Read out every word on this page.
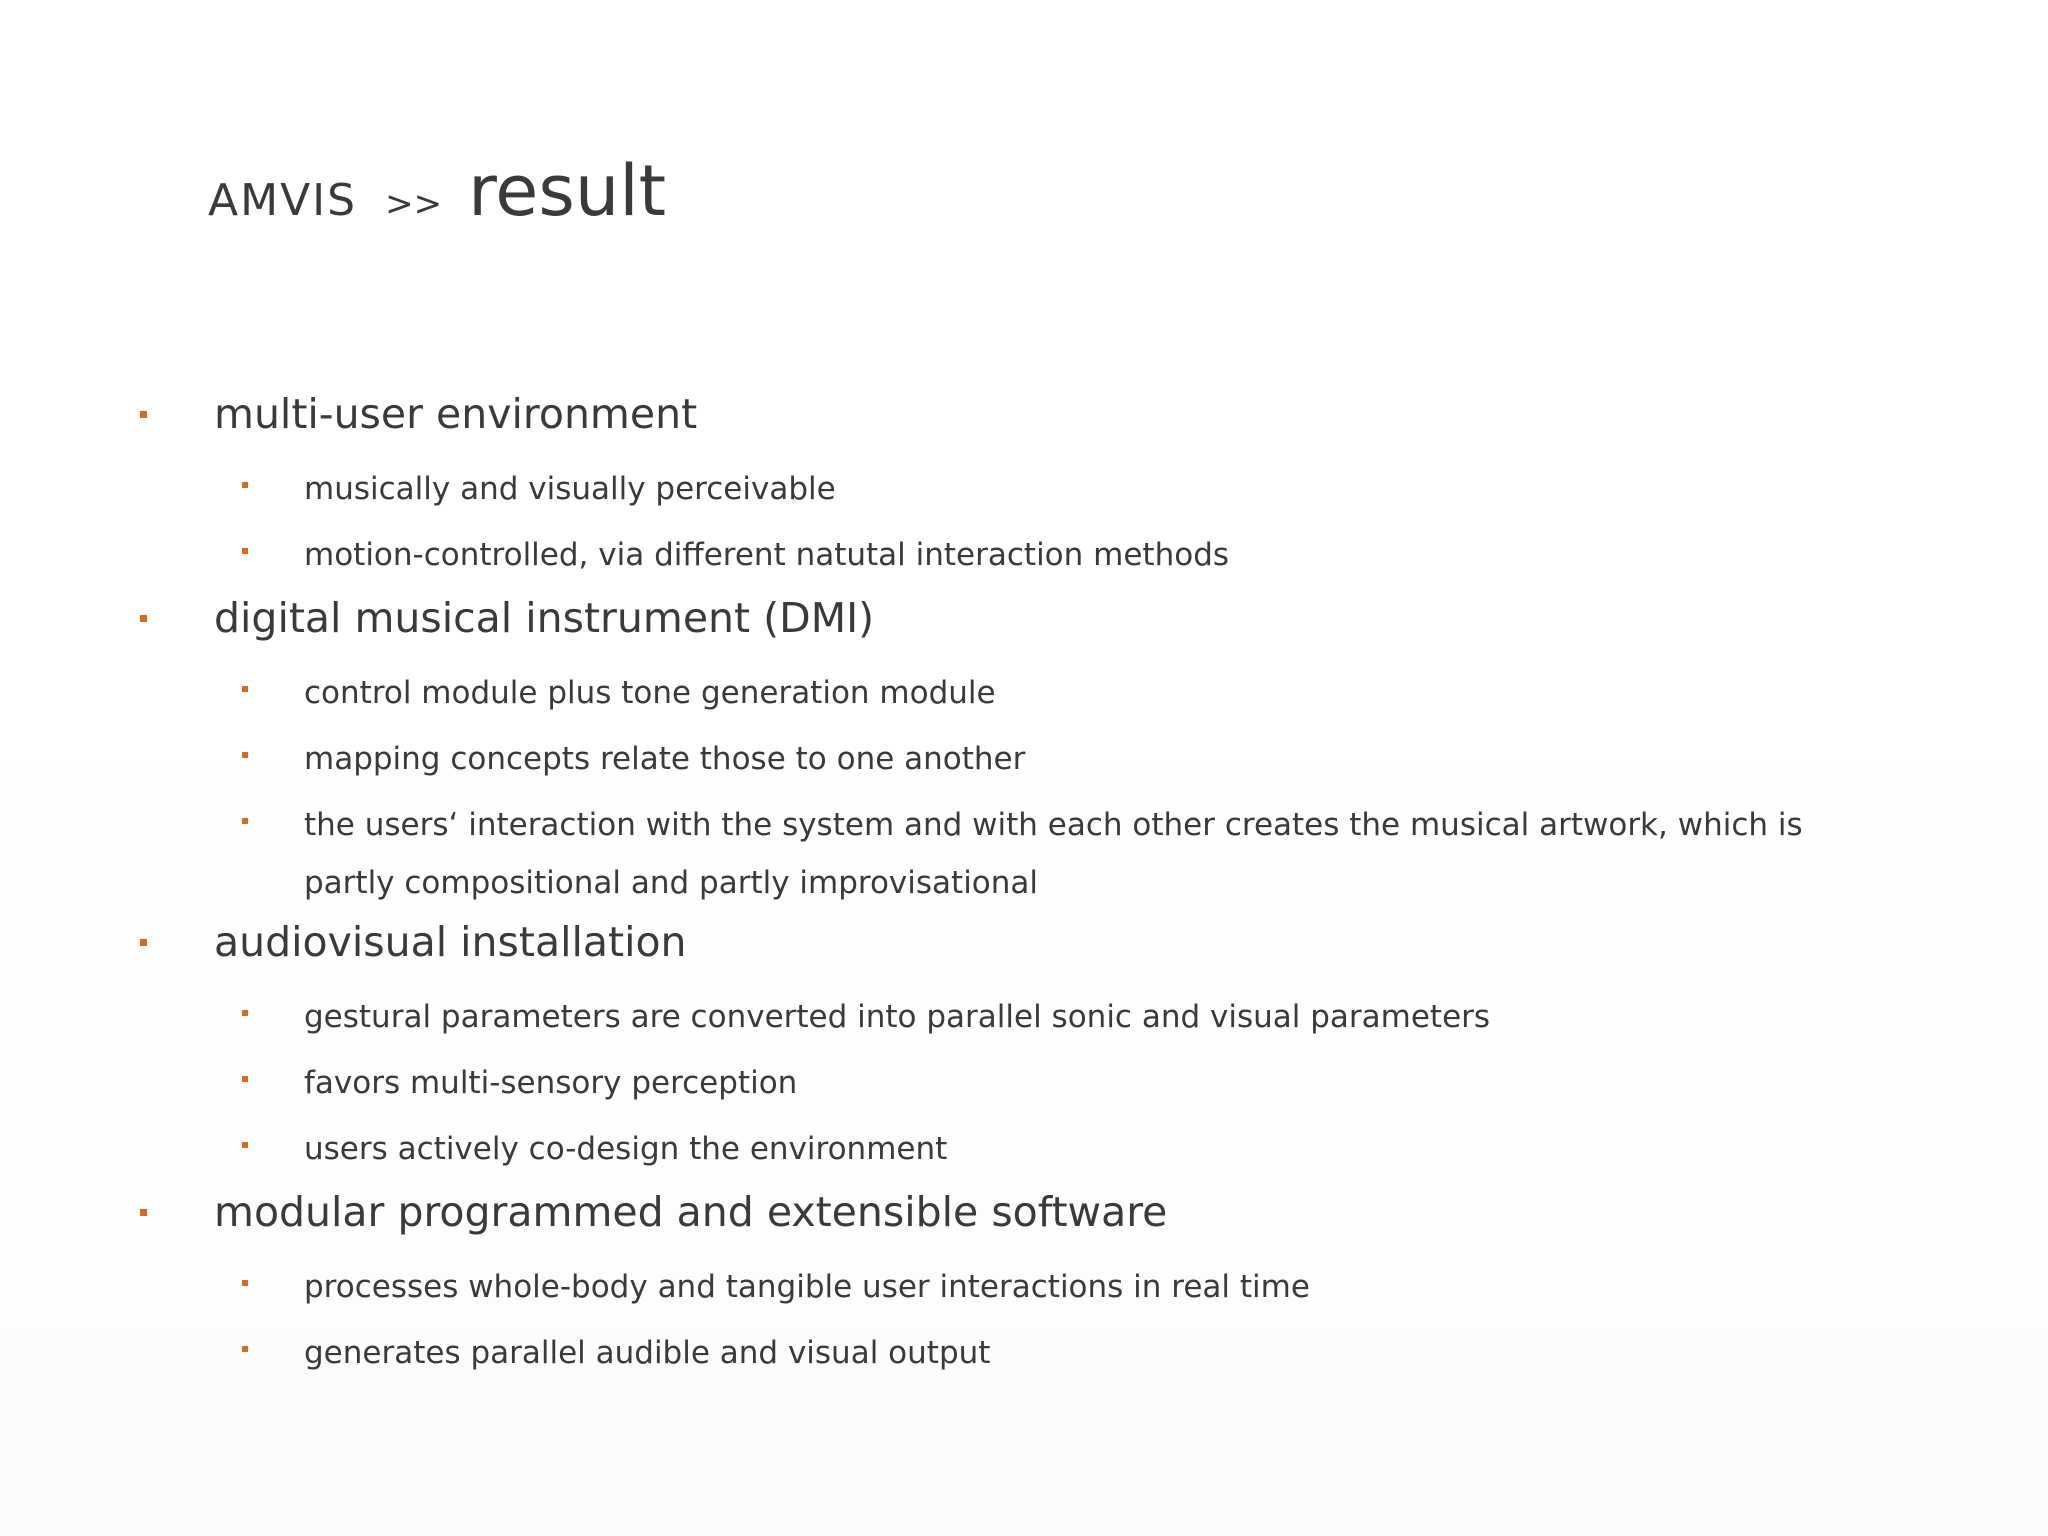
AMVIS >> result
multi-user environment
musically and visually perceivable
motion-controlled, via different natutal interaction methods
digital musical instrument (DMI)
control module plus tone generation module
mapping concepts relate those to one another
the users‘ interaction with the system and with each other creates the musical artwork, which is partly compositional and partly improvisational
audiovisual installation
gestural parameters are converted into parallel sonic and visual parameters
favors multi-sensory perception
users actively co-design the environment
modular programmed and extensible software
processes whole-body and tangible user interactions in real time
generates parallel audible and visual output
